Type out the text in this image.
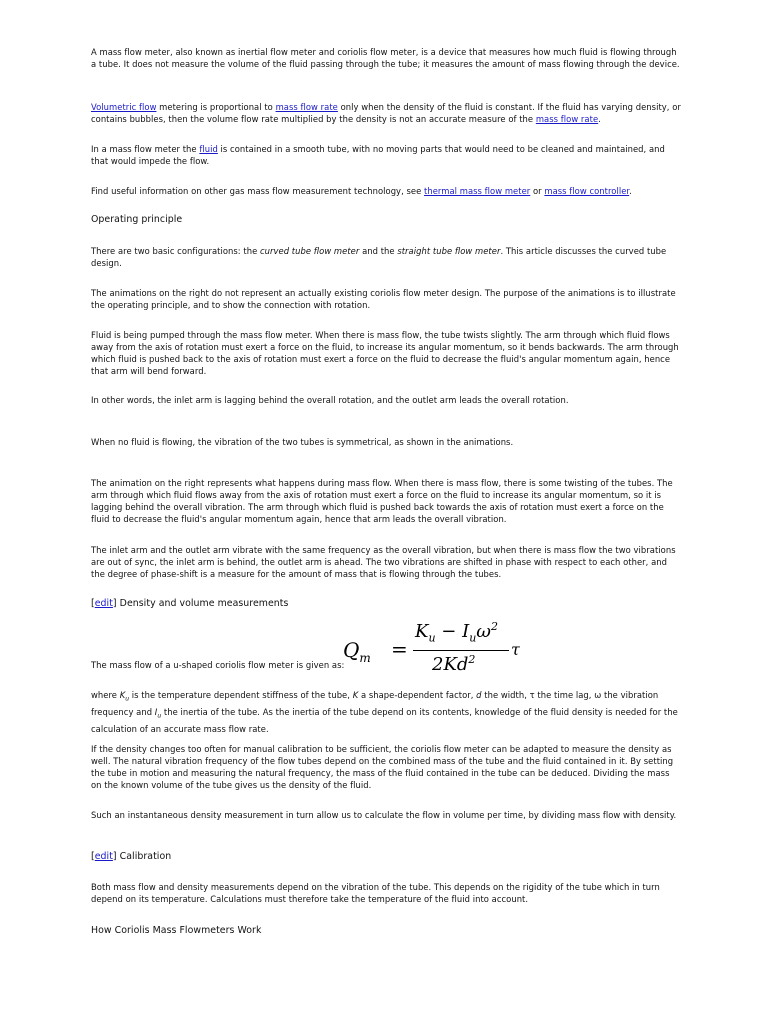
A mass flow meter, also known as inertial flow meter and coriolis flow meter, is a device that measures how much fluid is flowing through a tube. It does not measure the volume of the fluid passing through the tube; it measures the amount of mass flowing through the device.

Volumetric flow metering is proportional to mass flow rate only when the density of the fluid is constant. If the fluid has varying density, or contains bubbles, then the volume flow rate multiplied by the density is not an accurate measure of the mass flow rate.

In a mass flow meter the fluid is contained in a smooth tube, with no moving parts that would need to be cleaned and maintained, and that would impede the flow.

Find useful information on other gas mass flow measurement technology, see thermal mass flow meter or mass flow controller.

Operating principle

There are two basic configurations: the curved tube flow meter and the straight tube flow meter. This article discusses the curved tube design.

The animations on the right do not represent an actually existing coriolis flow meter design. The purpose of the animations is to illustrate the operating principle, and to show the connection with rotation.

Fluid is being pumped through the mass flow meter. When there is mass flow, the tube twists slightly. The arm through which fluid flows away from the axis of rotation must exert a force on the fluid, to increase its angular momentum, so it bends backwards. The arm through which fluid is pushed back to the axis of rotation must exert a force on the fluid to decrease the fluid's angular momentum again, hence that arm will bend forward.

In other words, the inlet arm is lagging behind the overall rotation, and the outlet arm leads the overall rotation.

When no fluid is flowing, the vibration of the two tubes is symmetrical, as shown in the animations.

The animation on the right represents what happens during mass flow. When there is mass flow, there is some twisting of the tubes. The arm through which fluid flows away from the axis of rotation must exert a force on the fluid to increase its angular momentum, so it is lagging behind the overall vibration. The arm through which fluid is pushed back towards the axis of rotation must exert a force on the fluid to decrease the fluid's angular momentum again, hence that arm leads the overall vibration.

The inlet arm and the outlet arm vibrate with the same frequency as the overall vibration, but when there is mass flow the two vibrations are out of sync, the inlet arm is behind, the outlet arm is ahead. The two vibrations are shifted in phase with respect to each other, and the degree of phase-shift is a measure for the amount of mass that is flowing through the tubes.

[edit] Density and volume measurements

$Q_m$ =
$K_u - I_u\omega^2$
2Kd$^2$
τ

The mass flow of a u-shaped coriolis flow meter is given as:

where $K_u$ is the temperature dependent stiffness of the tube, K a shape-dependent factor, d the width, τ the time lag, ω the vibration frequency and $I_u$ the inertia of the tube. As the inertia of the tube depend on its contents, knowledge of the fluid density is needed for the calculation of an accurate mass flow rate.

If the density changes too often for manual calibration to be sufficient, the coriolis flow meter can be adapted to measure the density as well. The natural vibration frequency of the flow tubes depend on the combined mass of the tube and the fluid contained in it. By setting the tube in motion and measuring the natural frequency, the mass of the fluid contained in the tube can be deduced. Dividing the mass on the known volume of the tube gives us the density of the fluid.

Such an instantaneous density measurement in turn allow us to calculate the flow in volume per time, by dividing mass flow with density.

[edit] Calibration

Both mass flow and density measurements depend on the vibration of the tube. This depends on the rigidity of the tube which in turn depend on its temperature. Calculations must therefore take the temperature of the fluid into account.

How Coriolis Mass Flowmeters Work
